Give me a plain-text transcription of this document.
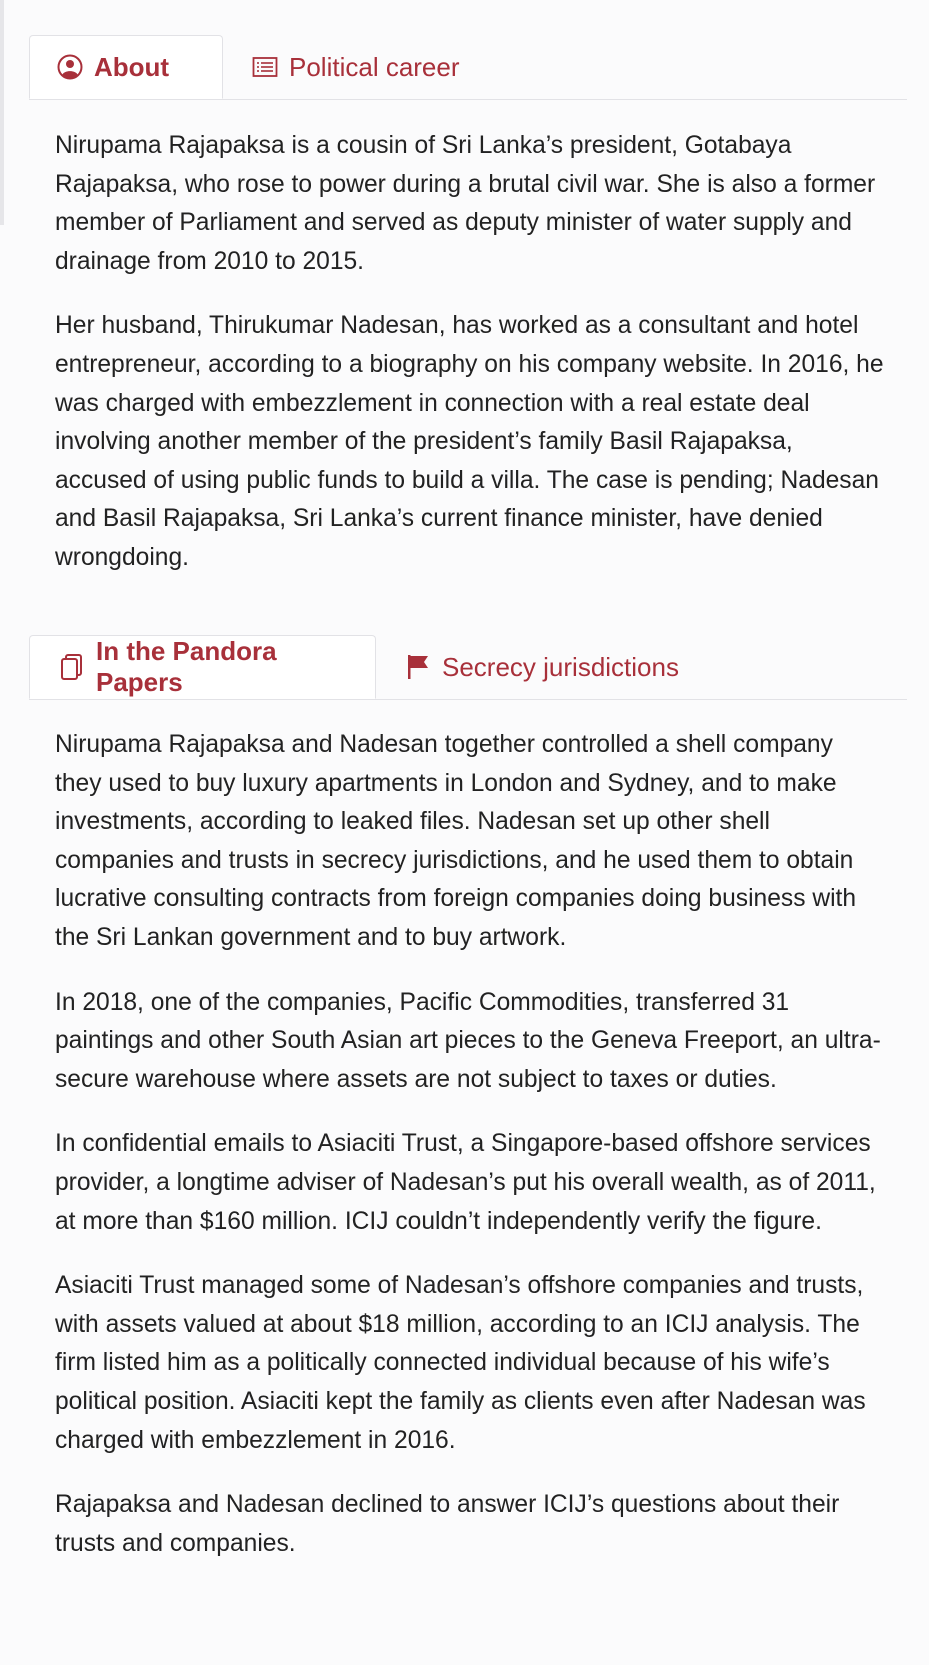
About	Political career

Nirupama Rajapaksa is a cousin of Sri Lanka’s president, Gotabaya Rajapaksa, who rose to power during a brutal civil war. She is also a former member of Parliament and served as deputy minister of water supply and drainage from 2010 to 2015.

Her husband, Thirukumar Nadesan, has worked as a consultant and hotel entrepreneur, according to a biography on his company website. In 2016, he was charged with embezzlement in connection with a real estate deal involving another member of the president’s family Basil Rajapaksa, accused of using public funds to build a villa. The case is pending; Nadesan and Basil Rajapaksa, Sri Lanka’s current finance minister, have denied wrongdoing.

In the Pandora Papers
Secrecy jurisdictions

Nirupama Rajapaksa and Nadesan together controlled a shell company they used to buy luxury apartments in London and Sydney, and to make investments, according to leaked files. Nadesan set up other shell companies and trusts in secrecy jurisdictions, and he used them to obtain lucrative consulting contracts from foreign companies doing business with the Sri Lankan government and to buy artwork.

In 2018, one of the companies, Pacific Commodities, transferred 31 paintings and other South Asian art pieces to the Geneva Freeport, an ultra-secure warehouse where assets are not subject to taxes or duties.

In confidential emails to Asiaciti Trust, a Singapore-based offshore services provider, a longtime adviser of Nadesan’s put his overall wealth, as of 2011, at more than $160 million. ICIJ couldn’t independently verify the figure.

Asiaciti Trust managed some of Nadesan’s offshore companies and trusts, with assets valued at about $18 million, according to an ICIJ analysis. The firm listed him as a politically connected individual because of his wife’s political position. Asiaciti kept the family as clients even after Nadesan was charged with embezzlement in 2016.

Rajapaksa and Nadesan declined to answer ICIJ’s questions about their trusts and companies.
